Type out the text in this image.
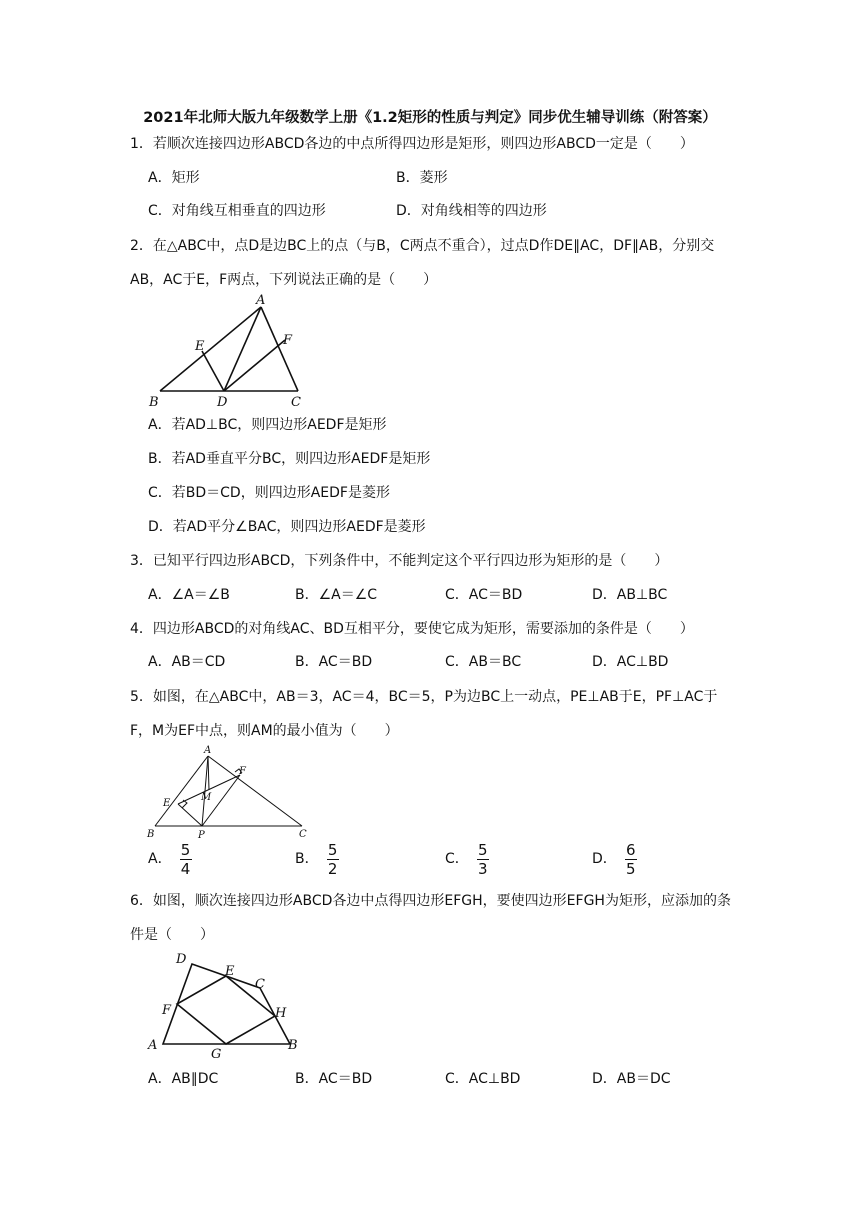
2021年北师大版九年级数学上册《1.2矩形的性质与判定》同步优生辅导训练（附答案）
1．若顺次连接四边形ABCD各边的中点所得四边形是矩形，则四边形ABCD一定是（　　）
A．矩形	B．菱形
C．对角线互相垂直的四边形	D．对角线相等的四边形
2．在△ABC中，点D是边BC上的点（与B，C两点不重合），过点D作DE∥AC，DF∥AB，分别交AB，AC于E，F两点，下列说法正确的是（　　）
A
E	F
B	D	C
A．若AD⊥BC，则四边形AEDF是矩形
B．若AD垂直平分BC，则四边形AEDF是矩形
C．若BD＝CD，则四边形AEDF是菱形
D．若AD平分∠BAC，则四边形AEDF是菱形
3．已知平行四边形ABCD，下列条件中，不能判定这个平行四边形为矩形的是（　　）
A．∠A＝∠B	B．∠A＝∠C	C．AC＝BD	D．AB⊥BC
4．四边形ABCD的对角线AC、BD互相平分，要使它成为矩形，需要添加的条件是（　　）
A．AB＝CD	B．AC＝BD	C．AB＝BC	D．AC⊥BD
5．如图，在△ABC中，AB＝3，AC＝4，BC＝5，P为边BC上一动点，PE⊥AB于E，PF⊥AC于F，M为EF中点，则AM的最小值为（　　）
A
F
M
E
B	P	C
A． $\frac{5}{4}$	B． $\frac{5}{2}$	C． $\frac{5}{3}$	D． $\frac{6}{5}$
6．如图，顺次连接四边形ABCD各边中点得四边形EFGH，要使四边形EFGH为矩形，应添加的条件是（　　）
D
E
C
F	H
A
G
B
A．AB∥DC	B．AC＝BD	C．AC⊥BD	D．AB＝DC
